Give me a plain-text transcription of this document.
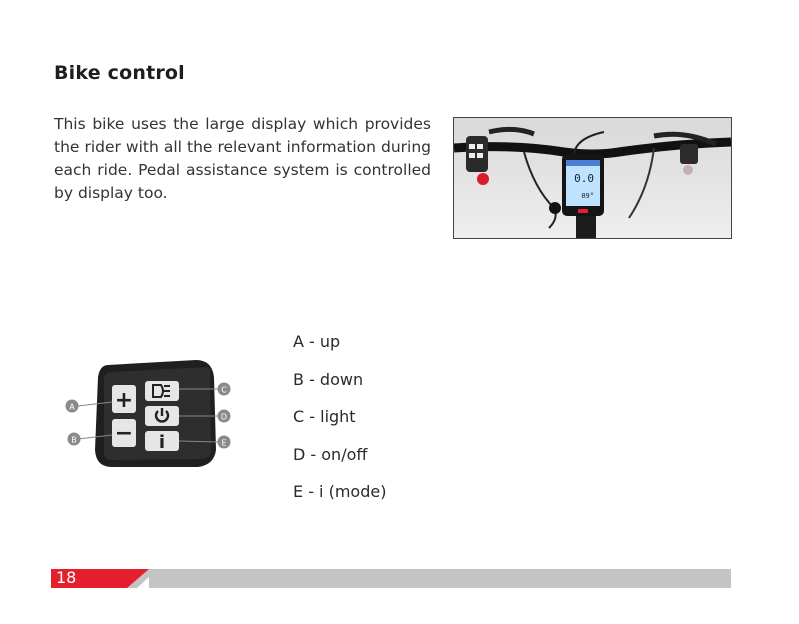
Bike control
This bike uses the large display which provides the rider with all the relevant information during each ride. Pedal assistance system is controlled by display too.
0.0
09°
+
− i
A
B
C
D
E
A - up
B - down
C - light
D - on/off
E - i (mode)
18
